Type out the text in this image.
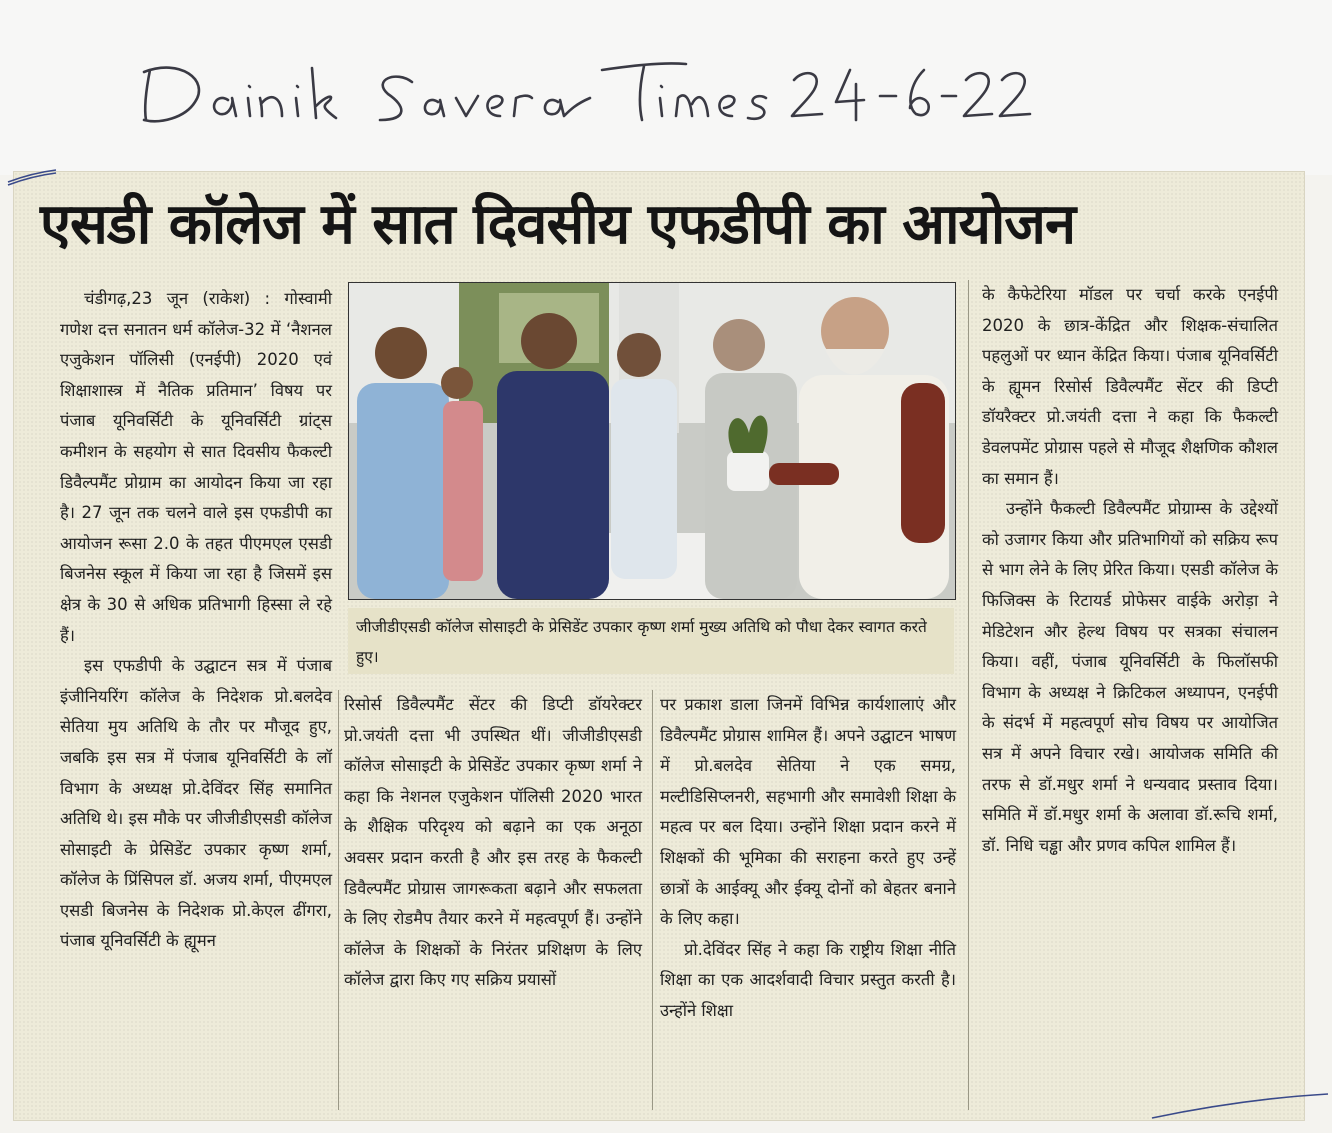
एसडी कॉलेज में सात दिवसीय एफडीपी का आयोजन

चंडीगढ़,23 जून (राकेश) : गोस्वामी गणेश दत्त सनातन धर्म कॉलेज-32 में ‘नैशनल एजुकेशन पॉलिसी (एनईपी) 2020 एवं शिक्षाशास्त्र में नैतिक प्रतिमान’ विषय पर पंजाब यूनिवर्सिटी के यूनिवर्सिटी ग्रांट्स कमीशन के सहयोग से सात दिवसीय फैकल्टी डिवैल्पमैंट प्रोग्राम का आयोदन किया जा रहा है। 27 जून तक चलने वाले इस एफडीपी का आयोजन रूसा 2.0 के तहत पीएमएल एसडी बिजनेस स्कूल में किया जा रहा है जिसमें इस क्षेत्र के 30 से अधिक प्रतिभागी हिस्सा ले रहे हैं।

इस एफडीपी के उद्घाटन सत्र में पंजाब इंजीनियरिंग कॉलेज के निदेशक प्रो.बलदेव सेतिया मुय अतिथि के तौर पर मौजूद हुए, जबकि इस सत्र में पंजाब यूनिवर्सिटी के लॉ विभाग के अध्यक्ष प्रो.देविंदर सिंह समानित अतिथि थे। इस मौके पर जीजीडीएसडी कॉलेज सोसाइटी के प्रेसिडेंट उपकार कृष्ण शर्मा, कॉलेज के प्रिंसिपल डॉ. अजय शर्मा, पीएमएल एसडी बिजनेस के निदेशक प्रो.केएल ढींगरा, पंजाब यूनिवर्सिटी के ह्यूमन

जीजीडीएसडी कॉलेज सोसाइटी के प्रेसिडेंट उपकार कृष्ण शर्मा मुख्य अतिथि को पौधा देकर स्वागत करते हुए।

रिसोर्स डिवैल्पमैंट सेंटर की डिप्टी डॉयरेक्टर प्रो.जयंती दत्ता भी उपस्थित थीं। जीजीडीएसडी कॉलेज सोसाइटी के प्रेसिडेंट उपकार कृष्ण शर्मा ने कहा कि नेशनल एजुकेशन पॉलिसी 2020 भारत के शैक्षिक परिदृश्य को बढ़ाने का एक अनूठा अवसर प्रदान करती है और इस तरह के फैकल्टी डिवैल्पमैंट प्रोग्रास जागरूकता बढ़ाने और सफलता के लिए रोडमैप तैयार करने में महत्वपूर्ण हैं। उन्होंने कॉलेज के शिक्षकों के निरंतर प्रशिक्षण के लिए कॉलेज द्वारा किए गए सक्रिय प्रयासों

पर प्रकाश डाला जिनमें विभिन्न कार्यशालाएं और डिवैल्पमैंट प्रोग्रास शामिल हैं। अपने उद्घाटन भाषण में प्रो.बलदेव सेतिया ने एक समग्र, मल्टीडिसिप्लनरी, सहभागी और समावेशी शिक्षा के महत्व पर बल दिया। उन्होंने शिक्षा प्रदान करने में शिक्षकों की भूमिका की सराहना करते हुए उन्हें छात्रों के आईक्यू और ईक्यू दोनों को बेहतर बनाने के लिए कहा।

प्रो.देविंदर सिंह ने कहा कि राष्ट्रीय शिक्षा नीति शिक्षा का एक आदर्शवादी विचार प्रस्तुत करती है। उन्होंने शिक्षा

के कैफेटेरिया मॉडल पर चर्चा करके एनईपी 2020 के छात्र-केंद्रित और शिक्षक-संचालित पहलुओं पर ध्यान केंद्रित किया। पंजाब यूनिवर्सिटी के ह्यूमन रिसोर्स डिवैल्पमैंट सेंटर की डिप्टी डॉयरैक्टर प्रो.जयंती दत्ता ने कहा कि फैकल्टी डेवलपमेंट प्रोग्रास पहले से मौजूद शैक्षणिक कौशल का समान हैं।

उन्होंने फैकल्टी डिवैल्पमैंट प्रोग्राम्स के उद्देश्यों को उजागर किया और प्रतिभागियों को सक्रिय रूप से भाग लेने के लिए प्रेरित किया। एसडी कॉलेज के फिजिक्स के रिटायर्ड प्रोफेसर वाईके अरोड़ा ने मेडिटेशन और हेल्थ विषय पर सत्रका संचालन किया। वहीं, पंजाब यूनिवर्सिटी के फिलॉसफी विभाग के अध्यक्ष ने क्रिटिकल अध्यापन, एनईपी के संदर्भ में महत्वपूर्ण सोच विषय पर आयोजित सत्र में अपने विचार रखे। आयोजक समिति की तरफ से डॉ.मधुर शर्मा ने धन्यवाद प्रस्ताव दिया। समिति में डॉ.मधुर शर्मा के अलावा डॉ.रूचि शर्मा, डॉ. निधि चड्ढा और प्रणव कपिल शामिल हैं।
